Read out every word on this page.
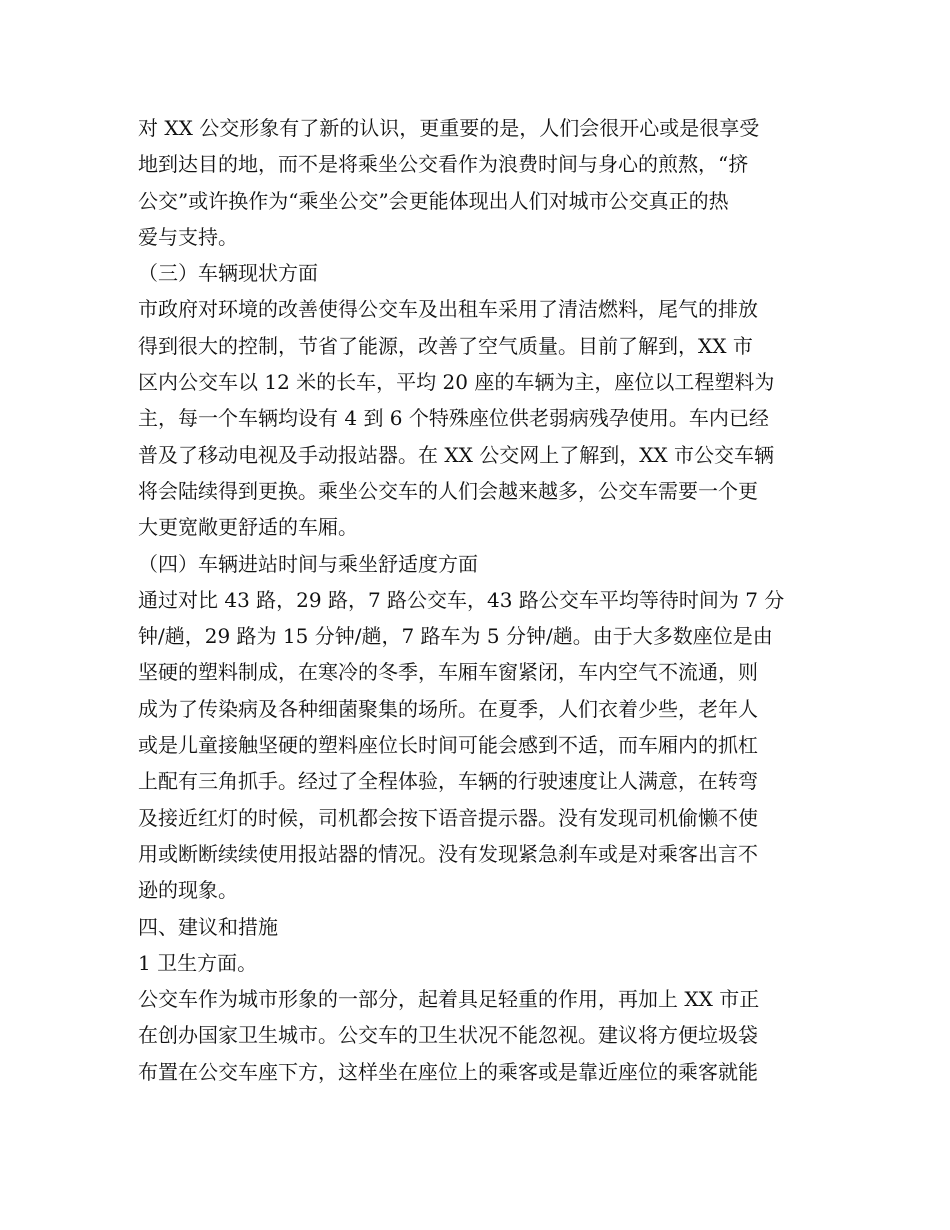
对 XX 公交形象有了新的认识，更重要的是，人们会很开心或是很享受
地到达目的地，而不是将乘坐公交看作为浪费时间与身心的煎熬，“挤
公交”或许换作为“乘坐公交”会更能体现出人们对城市公交真正的热
爱与支持。
（三）车辆现状方面
市政府对环境的改善使得公交车及出租车采用了清洁燃料，尾气的排放
得到很大的控制，节省了能源，改善了空气质量。目前了解到，XX 市
区内公交车以 12 米的长车，平均 20 座的车辆为主，座位以工程塑料为
主，每一个车辆均设有 4 到 6 个特殊座位供老弱病残孕使用。车内已经
普及了移动电视及手动报站器。在 XX 公交网上了解到，XX 市公交车辆
将会陆续得到更换。乘坐公交车的人们会越来越多，公交车需要一个更
大更宽敞更舒适的车厢。
（四）车辆进站时间与乘坐舒适度方面
通过对比 43 路，29 路，7 路公交车，43 路公交车平均等待时间为 7 分
钟/趟，29 路为 15 分钟/趟，7 路车为 5 分钟/趟。由于大多数座位是由
坚硬的塑料制成，在寒冷的冬季，车厢车窗紧闭，车内空气不流通，则
成为了传染病及各种细菌聚集的场所。在夏季，人们衣着少些，老年人
或是儿童接触坚硬的塑料座位长时间可能会感到不适，而车厢内的抓杠
上配有三角抓手。经过了全程体验，车辆的行驶速度让人满意，在转弯
及接近红灯的时候，司机都会按下语音提示器。没有发现司机偷懒不使
用或断断续续使用报站器的情况。没有发现紧急刹车或是对乘客出言不
逊的现象。
四、建议和措施
1 卫生方面。
公交车作为城市形象的一部分，起着具足轻重的作用，再加上 XX 市正
在创办国家卫生城市。公交车的卫生状况不能忽视。建议将方便垃圾袋
布置在公交车座下方，这样坐在座位上的乘客或是靠近座位的乘客就能
